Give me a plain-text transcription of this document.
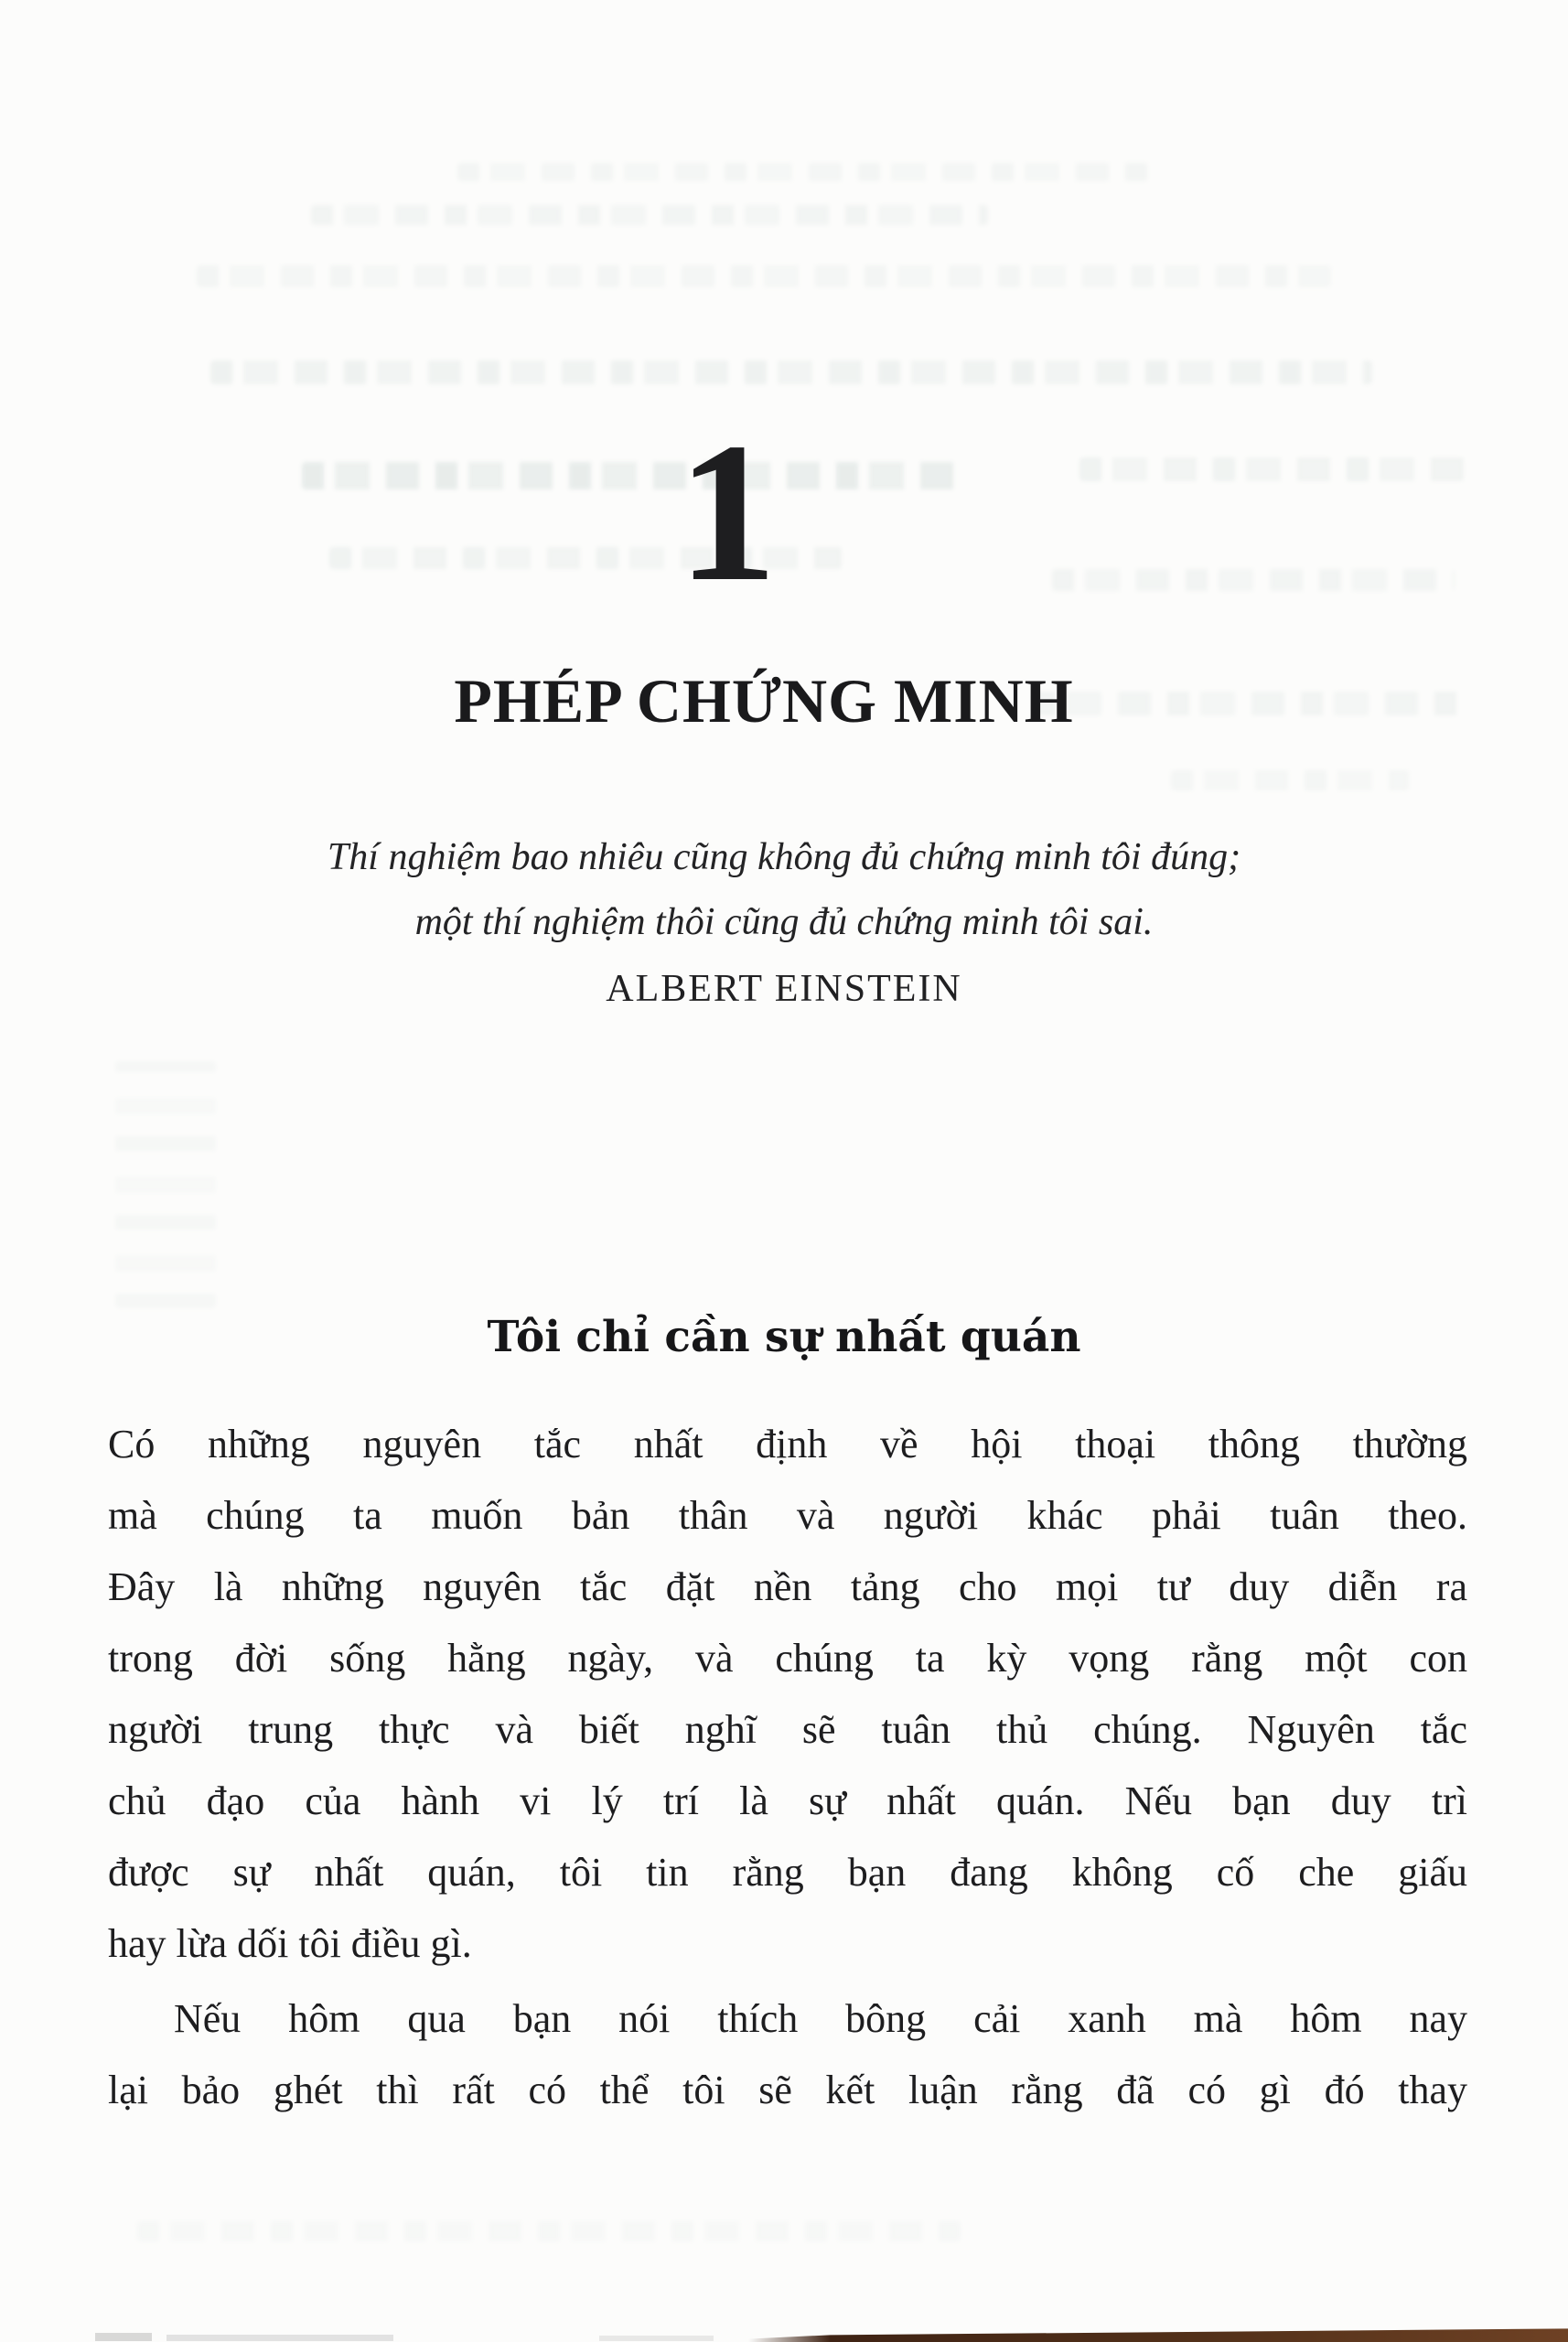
1
PHÉP CHỨNG MINH
Thí nghiệm bao nhiêu cũng không đủ chứng minh tôi đúng;
một thí nghiệm thôi cũng đủ chứng minh tôi sai.
ALBERT EINSTEIN
Tôi chỉ cần sự nhất quán
Có những nguyên tắc nhất định về hội thoại thông thường
mà chúng ta muốn bản thân và người khác phải tuân theo.
Đây là những nguyên tắc đặt nền tảng cho mọi tư duy diễn ra
trong đời sống hằng ngày, và chúng ta kỳ vọng rằng một con
người trung thực và biết nghĩ sẽ tuân thủ chúng. Nguyên tắc
chủ đạo của hành vi lý trí là sự nhất quán. Nếu bạn duy trì
được sự nhất quán, tôi tin rằng bạn đang không cố che giấu
hay lừa dối tôi điều gì.
Nếu hôm qua bạn nói thích bông cải xanh mà hôm nay
lại bảo ghét thì rất có thể tôi sẽ kết luận rằng đã có gì đó thay
